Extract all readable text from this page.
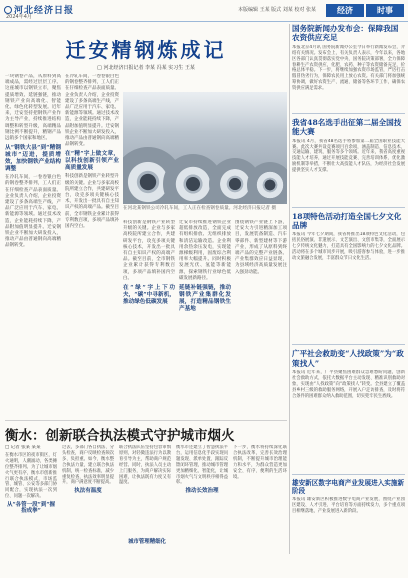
河北经济日报
2024年4月
本版编辑 王某 版式 刘某 校对 张某	经济	时事
迁安精钢炼成记
□ 河北经济日报记者 李某 冯某 实习生 王某
一块钢卷产品，从原料到高端成品，需经过层层工序。这座城市以钢铁立市，聚焦提质增效、延链强链，推动钢铁产业向高端化、智能化、绿色化转型发展。近年来，迁安坚持把钢铁产业作为主导产业，持续推进结构调整和转型升级，高端精品钢比例不断提升，精钢产品远销多个国家和地区。
从“钢铁大县”到“精钢城市”迈进，提质增效，加快钢铁产业结构调整
在冷轧车间，一卷卷银白色的钢卷整齐排列，工人们正在仔细检查产品表面质量。企业负责人介绍，企业投资建设了多条高端生产线，产品广泛应用于汽车、家电、新能源等领域。通过技术改造，企业能耗持续下降，产品附加值明显提升。迁安钢铁企业不断加大研发投入，推动产品由普通钢向高端精品钢转变。
在冷轧车间，一卷卷银白色的钢卷整齐排列，工人们正在仔细检查产品表面质量。企业负责人介绍，企业投资建设了多条高端生产线，产品广泛应用于汽车、家电、新能源等领域。通过技术改造，企业能耗持续下降，产品附加值明显提升。迁安钢铁企业不断加大研发投入，推动产品由普通钢向高端精品钢转变。
在“精”字上做文章，以科技创新引领产业高质量发展
科技创新是钢铁产业转型升级的关键。企业与多家高校院所建立合作，共建研发平台，攻克多项关键核心技术，开发出一批具有自主知识产权的高端产品。截至目前，全市钢铁企业累计获得专利数百项，多项产品填补国内空白。
在河北某钢铁公司冷轧车间，工人正在检查钢卷质量。河北经济日报记者 摄
科技创新是钢铁产业转型升级的关键。企业与多家高校院所建立合作，共建研发平台，攻克多项关键核心技术，开发出一批具有自主知识产权的高端产品。截至目前，全市钢铁企业累计获得专利数百项，多项产品填补国内空白。
在“绿”字上下功夫，“碳”中寻新机，推动绿色低碳发展
迁安市持续推进钢铁企业超低排放改造，全面完成有组织排放、无组织排放和清洁运输改造。企业利用余热余压发电，实现能源梯级利用，固废综合利用率大幅提升。同时积极发展光伏、氢能等新能源，探索钢铁行业绿色低碳发展新路径。
延链补链强链，推动钢铁产业集群化发展，打造精品钢铁生产基地
围绕钢铁产业链上下游，迁安大力引进精深加工项目，发展装备制造、汽车零部件、新型建材等下游产业，形成了从原料到终端产品的完整产业链条。产业集群效应日益显现，为县域经济高质量发展注入强劲动能。
国务院新闻办发布会：保障我国农资供应充足
本报北京4月讯 国务院新闻办公室今日举行新闻发布会，介绍有关情况。发布会上，有关负责人表示，今年以来，各地区各部门认真贯彻落实党中央、国务院决策部署，全力保障春耕生产农资供应，化肥、农药、种子等农资储备充足，价格总体平稳。下一步，将继续加强农资市场监管，严厉打击假冒伪劣行为，保障农民用上放心农资。有关部门将加强统筹协调，做好农资生产、流通、储备等各环节工作，确保农资供应满足需求。
我省48名选手出征第二届全国技能大赛
本报讯 4月，我省48名选手将参加第二届全国职业技能大赛。此次大赛共设竞赛项目百余项，涵盖制造、信息技术、交通运输、建筑、服务等多个领域。近年来，我省高度重视技能人才培养，通过开展技能竞赛、完善培训体系、优化激励机制等举措，不断壮大高技能人才队伍，为经济社会发展提供坚实人才支撑。
18项特色活动打造全国七夕文化品牌
本报讯 今年七夕期间，我省将推出18项特色文化活动，包括民俗展演、非遗展示、文艺演出、文创市集等，全面展示七夕传统文化魅力，打造具有全国影响力的七夕文化品牌。活动将在多个城市同步开展，吸引游客参与体验，进一步推动文旅融合发展，丰富群众节日文化生活。
广平社会救助变“人找政策”为“政策找人”
本报讯 近年来，广平县聚焦困难群众急难愁盼问题，创新社会救助方式，依托大数据平台主动发现、精准识别救助对象，实现由“人找政策”向“政策找人”转变。全县建立了覆盖县乡村三级的救助服务网络，开展入户走访排查，及时将符合条件的困难群众纳入救助范围，切实兜牢民生底线。
雄安新区数字电商产业发展进入实施新阶段
本报讯 雄安新区积极推进数字电商产业发展，围绕产业园区建设、人才引进、平台培育等方面持续发力，多个重点项目相继落地，产业发展进入新阶段。
衡水：创新联合执法模式守护城市烟火
□ 记者 张某 某某
在衡水市区的夜市街区，灯火通明，人潮涌动，各类摊位整齐排列。为了让城市烟火气更有序，衡水市创新推行联合执法模式，市场监管、城管、公安等多部门协同配合，实现执法一次到位、问题一次解决。
从“各管一段”到“握指成拳”
过去，多部门各自执法、分头检查，商户反映检查频次多、负担重。如今，衡水整合执法力量，建立联合执法机制，统一检查标准，减少重复检查，执法效率明显提升，商户满意度不断提高。
执法有温度
联合执法队伍坚持包容审慎原则，对轻微违法行为以教育引导为主，帮助商户规范经营。同时，执法人员主动上门服务，为商户解决实际困难，让执法既有力度又有温度。
城市管理精细化
衡水市还建立了智慧执法平台，运用信息化手段实现问题发现、派单处置、跟踪反馈闭环管理，推动城市管理更加精细化、智能化，让城市烟火气与文明秩序相得益彰。
推动长效治理
下一步，衡水将持续深化联合执法改革，完善长效治理机制，不断提升城市治理能力和水平，为群众营造更加安全、有序、便利的生活环境。
